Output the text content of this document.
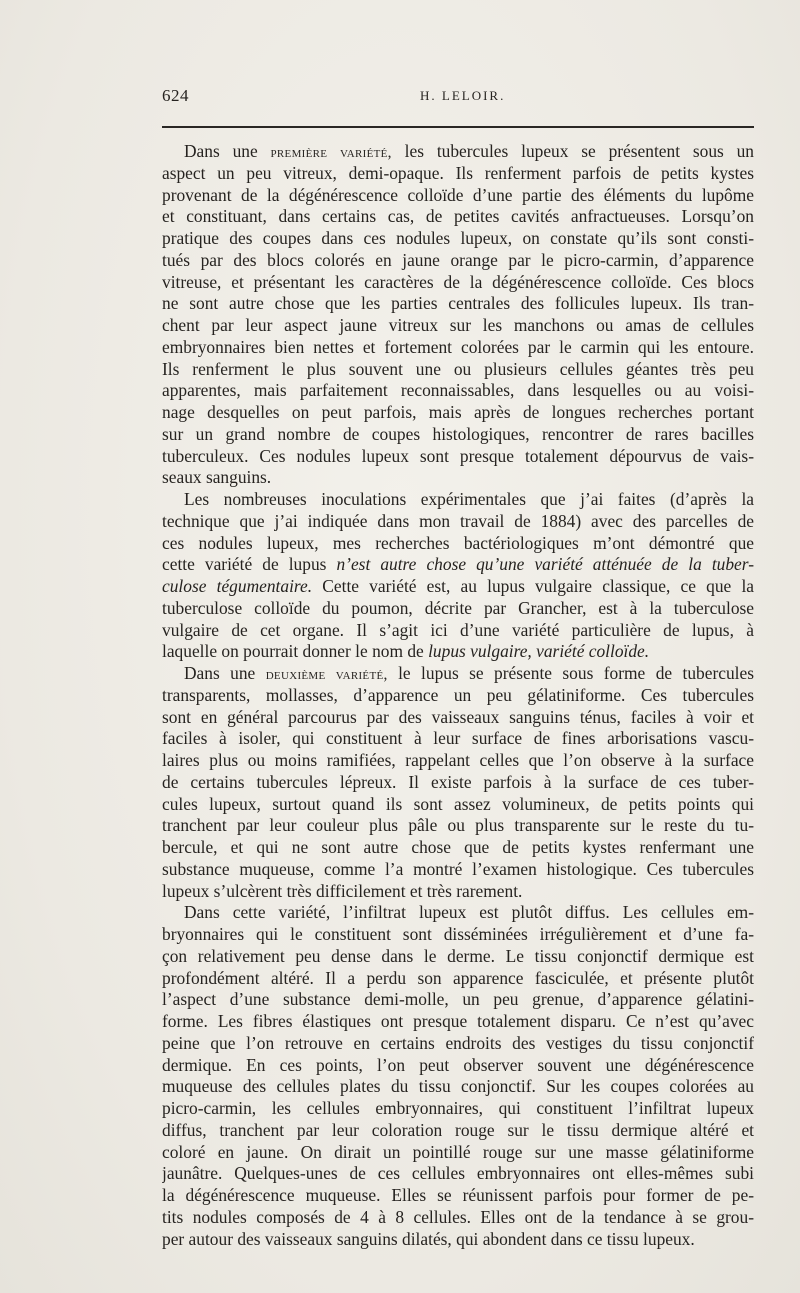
624	H. LELOIR.
Dans une première variété, les tubercules lupeux se présentent sous un
aspect un peu vitreux, demi-opaque. Ils renferment parfois de petits kystes
provenant de la dégénérescence colloïde d’une partie des éléments du lupôme
et constituant, dans certains cas, de petites cavités anfractueuses. Lorsqu’on
pratique des coupes dans ces nodules lupeux, on constate qu’ils sont consti-
tués par des blocs colorés en jaune orange par le picro-carmin, d’apparence
vitreuse, et présentant les caractères de la dégénérescence colloïde. Ces blocs
ne sont autre chose que les parties centrales des follicules lupeux. Ils tran-
chent par leur aspect jaune vitreux sur les manchons ou amas de cellules
embryonnaires bien nettes et fortement colorées par le carmin qui les entoure.
Ils renferment le plus souvent une ou plusieurs cellules géantes très peu
apparentes, mais parfaitement reconnaissables, dans lesquelles ou au voisi-
nage desquelles on peut parfois, mais après de longues recherches portant
sur un grand nombre de coupes histologiques, rencontrer de rares bacilles
tuberculeux. Ces nodules lupeux sont presque totalement dépourvus de vais-
seaux sanguins.
Les nombreuses inoculations expérimentales que j’ai faites (d’après la
technique que j’ai indiquée dans mon travail de 1884) avec des parcelles de
ces nodules lupeux, mes recherches bactériologiques m’ont démontré que
cette variété de lupus n’est autre chose qu’une variété atténuée de la tuber-
culose tégumentaire. Cette variété est, au lupus vulgaire classique, ce que la
tuberculose colloïde du poumon, décrite par Grancher, est à la tuberculose
vulgaire de cet organe. Il s’agit ici d’une variété particulière de lupus, à
laquelle on pourrait donner le nom de lupus vulgaire, variété colloïde.
Dans une deuxième variété, le lupus se présente sous forme de tubercules
transparents, mollasses, d’apparence un peu gélatiniforme. Ces tubercules
sont en général parcourus par des vaisseaux sanguins ténus, faciles à voir et
faciles à isoler, qui constituent à leur surface de fines arborisations vascu-
laires plus ou moins ramifiées, rappelant celles que l’on observe à la surface
de certains tubercules lépreux. Il existe parfois à la surface de ces tuber-
cules lupeux, surtout quand ils sont assez volumineux, de petits points qui
tranchent par leur couleur plus pâle ou plus transparente sur le reste du tu-
bercule, et qui ne sont autre chose que de petits kystes renfermant une
substance muqueuse, comme l’a montré l’examen histologique. Ces tubercules
lupeux s’ulcèrent très difficilement et très rarement.
Dans cette variété, l’infiltrat lupeux est plutôt diffus. Les cellules em-
bryonnaires qui le constituent sont disséminées irrégulièrement et d’une fa-
çon relativement peu dense dans le derme. Le tissu conjonctif dermique est
profondément altéré. Il a perdu son apparence fasciculée, et présente plutôt
l’aspect d’une substance demi-molle, un peu grenue, d’apparence gélatini-
forme. Les fibres élastiques ont presque totalement disparu. Ce n’est qu’avec
peine que l’on retrouve en certains endroits des vestiges du tissu conjonctif
dermique. En ces points, l’on peut observer souvent une dégénérescence
muqueuse des cellules plates du tissu conjonctif. Sur les coupes colorées au
picro-carmin, les cellules embryonnaires, qui constituent l’infiltrat lupeux
diffus, tranchent par leur coloration rouge sur le tissu dermique altéré et
coloré en jaune. On dirait un pointillé rouge sur une masse gélatiniforme
jaunâtre. Quelques-unes de ces cellules embryonnaires ont elles-mêmes subi
la dégénérescence muqueuse. Elles se réunissent parfois pour former de pe-
tits nodules composés de 4 à 8 cellules. Elles ont de la tendance à se grou-
per autour des vaisseaux sanguins dilatés, qui abondent dans ce tissu lupeux.
